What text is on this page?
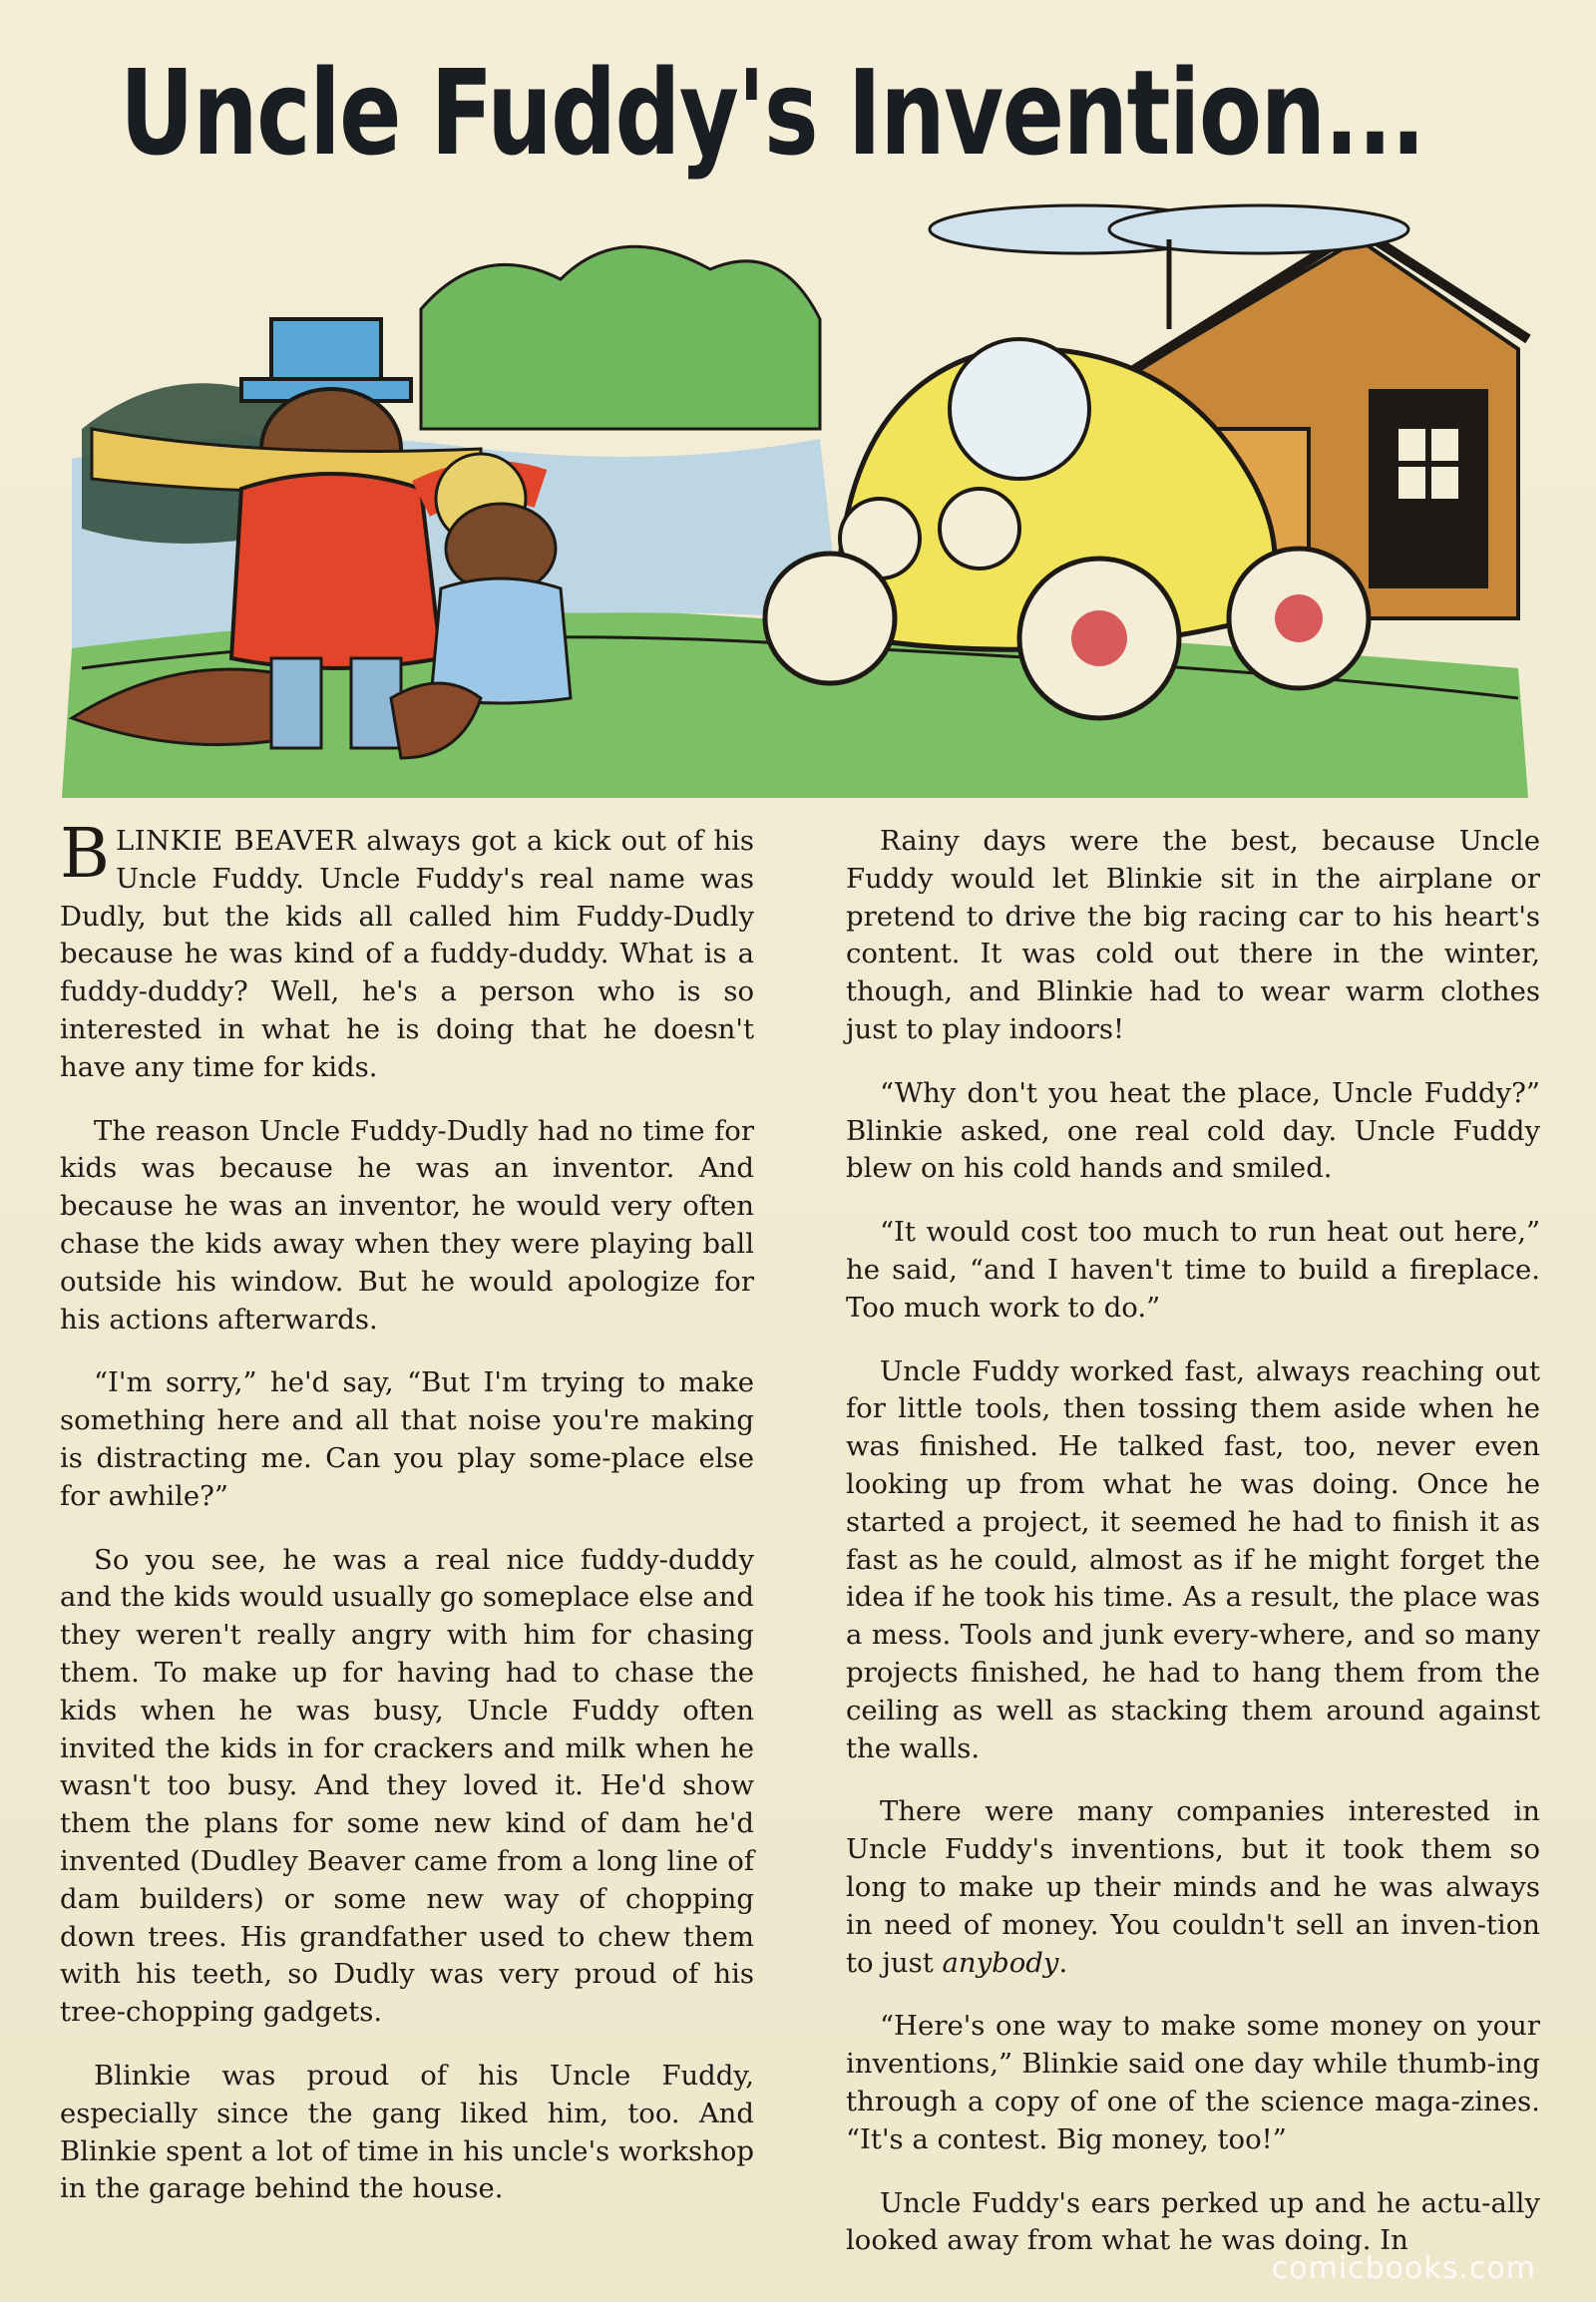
Uncle Fuddy's Invention...

BLINKIE BEAVER always got a kick out of his Uncle Fuddy. Uncle Fuddy's real name was Dudly, but the kids all called him Fuddy-Dudly because he was kind of a fuddy-duddy. What is a fuddy-duddy? Well, he's a person who is so interested in what he is doing that he doesn't have any time for kids.

The reason Uncle Fuddy-Dudly had no time for kids was because he was an inventor. And because he was an inventor, he would very often chase the kids away when they were playing ball outside his window. But he would apologize for his actions afterwards.

“I'm sorry,” he'd say, “But I'm trying to make something here and all that noise you're making is distracting me. Can you play some-place else for awhile?”

So you see, he was a real nice fuddy-duddy and the kids would usually go someplace else and they weren't really angry with him for chasing them. To make up for having had to chase the kids when he was busy, Uncle Fuddy often invited the kids in for crackers and milk when he wasn't too busy. And they loved it. He'd show them the plans for some new kind of dam he'd invented (Dudley Beaver came from a long line of dam builders) or some new way of chopping down trees. His grandfather used to chew them with his teeth, so Dudly was very proud of his tree-chopping gadgets.

Blinkie was proud of his Uncle Fuddy, especially since the gang liked him, too. And Blinkie spent a lot of time in his uncle's workshop in the garage behind the house.

Rainy days were the best, because Uncle Fuddy would let Blinkie sit in the airplane or pretend to drive the big racing car to his heart's content. It was cold out there in the winter, though, and Blinkie had to wear warm clothes just to play indoors!

“Why don't you heat the place, Uncle Fuddy?” Blinkie asked, one real cold day. Uncle Fuddy blew on his cold hands and smiled.

“It would cost too much to run heat out here,” he said, “and I haven't time to build a fireplace. Too much work to do.”

Uncle Fuddy worked fast, always reaching out for little tools, then tossing them aside when he was finished. He talked fast, too, never even looking up from what he was doing. Once he started a project, it seemed he had to finish it as fast as he could, almost as if he might forget the idea if he took his time. As a result, the place was a mess. Tools and junk every-where, and so many projects finished, he had to hang them from the ceiling as well as stacking them around against the walls.

There were many companies interested in Uncle Fuddy's inventions, but it took them so long to make up their minds and he was always in need of money. You couldn't sell an inven-tion to just anybody.

“Here's one way to make some money on your inventions,” Blinkie said one day while thumb-ing through a copy of one of the science maga-zines. “It's a contest. Big money, too!”

Uncle Fuddy's ears perked up and he actu-ally looked away from what he was doing. In

comicbooks.com
